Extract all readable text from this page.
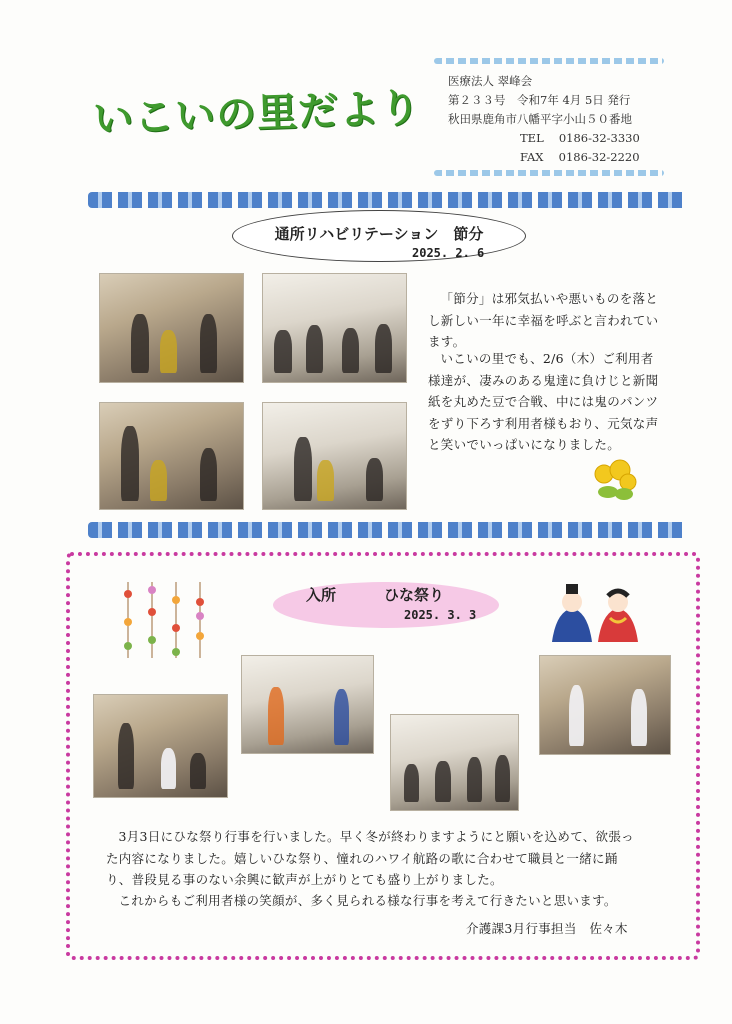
いこいの里だより
医療法人 翠峰会
第２３３号　令和7年 4月 5日 発行
秋田県鹿角市八幡平字小山５０番地
TEL　 0186-32-3330
FAX　 0186-32-2220
通所リハビリテーション　節分
2025. 2. 6
「節分」は邪気払いや悪いものを落とし新しい一年に幸福を呼ぶと言われています。
いこいの里でも、2/6（木）ご利用者様達が、凄みのある鬼達に負けじと新聞紙を丸めた豆で合戦、中には鬼のパンツをずり下ろす利用者様もおり、元気な声と笑いでいっぱいになりました。
入所	ひな祭り
2025. 3. 3
3月3日にひな祭り行事を行いました。早く冬が終わりますようにと願いを込めて、欲張った内容になりました。嬉しいひな祭り、憧れのハワイ航路の歌に合わせて職員と一緒に踊り、普段見る事のない余興に歓声が上がりとても盛り上がりました。
これからもご利用者様の笑顔が、多く見られる様な行事を考えて行きたいと思います。
介護課3月行事担当　佐々木
